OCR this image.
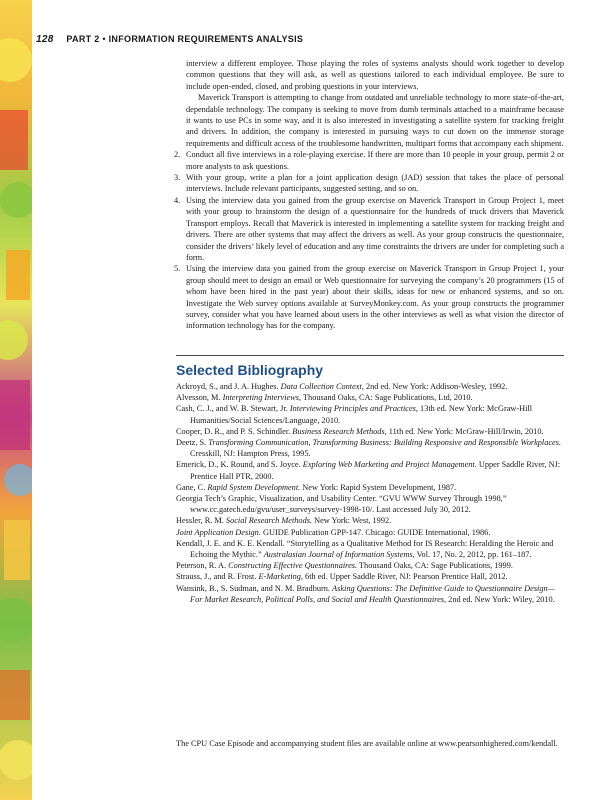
128 PART 2 • INFORMATION REQUIREMENTS ANALYSIS

interview a different employee. Those playing the roles of systems analysts should work together to develop common questions that they will ask, as well as questions tailored to each individual employee. Be sure to include open-ended, closed, and probing questions in your interviews.

Maverick Transport is attempting to change from outdated and unreliable technology to more state-of-the-art, dependable technology. The company is seeking to move from dumb terminals attached to a mainframe because it wants to use PCs in some way, and it is also interested in investigating a satellite system for tracking freight and drivers. In addition, the company is interested in pursuing ways to cut down on the immense storage requirements and difficult access of the troublesome handwritten, multipart forms that accompany each shipment.

2. Conduct all five interviews in a role-playing exercise. If there are more than 10 people in your group, permit 2 or more analysts to ask questions.
3. With your group, write a plan for a joint application design (JAD) session that takes the place of personal interviews. Include relevant participants, suggested setting, and so on.
4. Using the interview data you gained from the group exercise on Maverick Transport in Group Project 1, meet with your group to brainstorm the design of a questionnaire for the hundreds of truck drivers that Maverick Transport employs. Recall that Maverick is interested in implementing a satellite system for tracking freight and drivers. There are other systems that may affect the drivers as well. As your group constructs the questionnaire, consider the drivers’ likely level of education and any time constraints the drivers are under for completing such a form.
5. Using the interview data you gained from the group exercise on Maverick Transport in Group Project 1, your group should meet to design an email or Web questionnaire for surveying the company’s 20 programmers (15 of whom have been hired in the past year) about their skills, ideas for new or enhanced systems, and so on. Investigate the Web survey options available at SurveyMonkey.com. As your group constructs the programmer survey, consider what you have learned about users in the other interviews as well as what vision the director of information technology has for the company.
Selected Bibliography

Ackroyd, S., and J. A. Hughes. Data Collection Context, 2nd ed. New York: Addison-Wesley, 1992.

Alvesson, M. Interpreting Interviews, Thousand Oaks, CA: Sage Publications, Ltd, 2010.

Cash, C. J., and W. B. Stewart, Jr. Interviewing Principles and Practices, 13th ed. New York: McGraw-Hill Humanities/Social Sciences/Language, 2010.

Cooper, D. R., and P. S. Schindler. Business Research Methods, 11th ed. New York: McGraw-Hill/Irwin, 2010.

Deetz, S. Transforming Communication, Transforming Business: Building Responsive and Responsible Workplaces. Cresskill, NJ: Hampton Press, 1995.

Emerick, D., K. Round, and S. Joyce. Exploring Web Marketing and Project Management. Upper Saddle River, NJ: Prentice Hall PTR, 2000.

Gane, C. Rapid System Development. New York: Rapid System Development, 1987.

Georgia Tech’s Graphic, Visualization, and Usability Center. “GVU WWW Survey Through 1998,” www.cc.gatech.edu/gvu/user_surveys/survey-1998-10/. Last accessed July 30, 2012.

Hessler, R. M. Social Research Methods. New York: West, 1992.

Joint Application Design. GUIDE Publication GPP-147. Chicago: GUIDE International, 1986.

Kendall, J. E. and K. E. Kendall. “Storytelling as a Qualitative Method for IS Research: Heralding the Heroic and Echoing the Mythic.” Australasian Journal of Information Systems, Vol. 17, No. 2, 2012, pp. 161–187.

Peterson, R. A. Constructing Effective Questionnaires. Thousand Oaks, CA: Sage Publications, 1999.

Strauss, J., and R. Frost. E-Marketing, 6th ed. Upper Saddle River, NJ: Pearson Prentice Hall, 2012.

Wansink, B., S. Sudman, and N. M. Bradburn. Asking Questions: The Definitive Guide to Questionnaire Design—For Market Research, Political Polls, and Social and Health Questionnaires, 2nd ed. New York: Wiley, 2010.

The CPU Case Episode and accompanying student files are available online at www.pearsonhighered.com/kendall.
